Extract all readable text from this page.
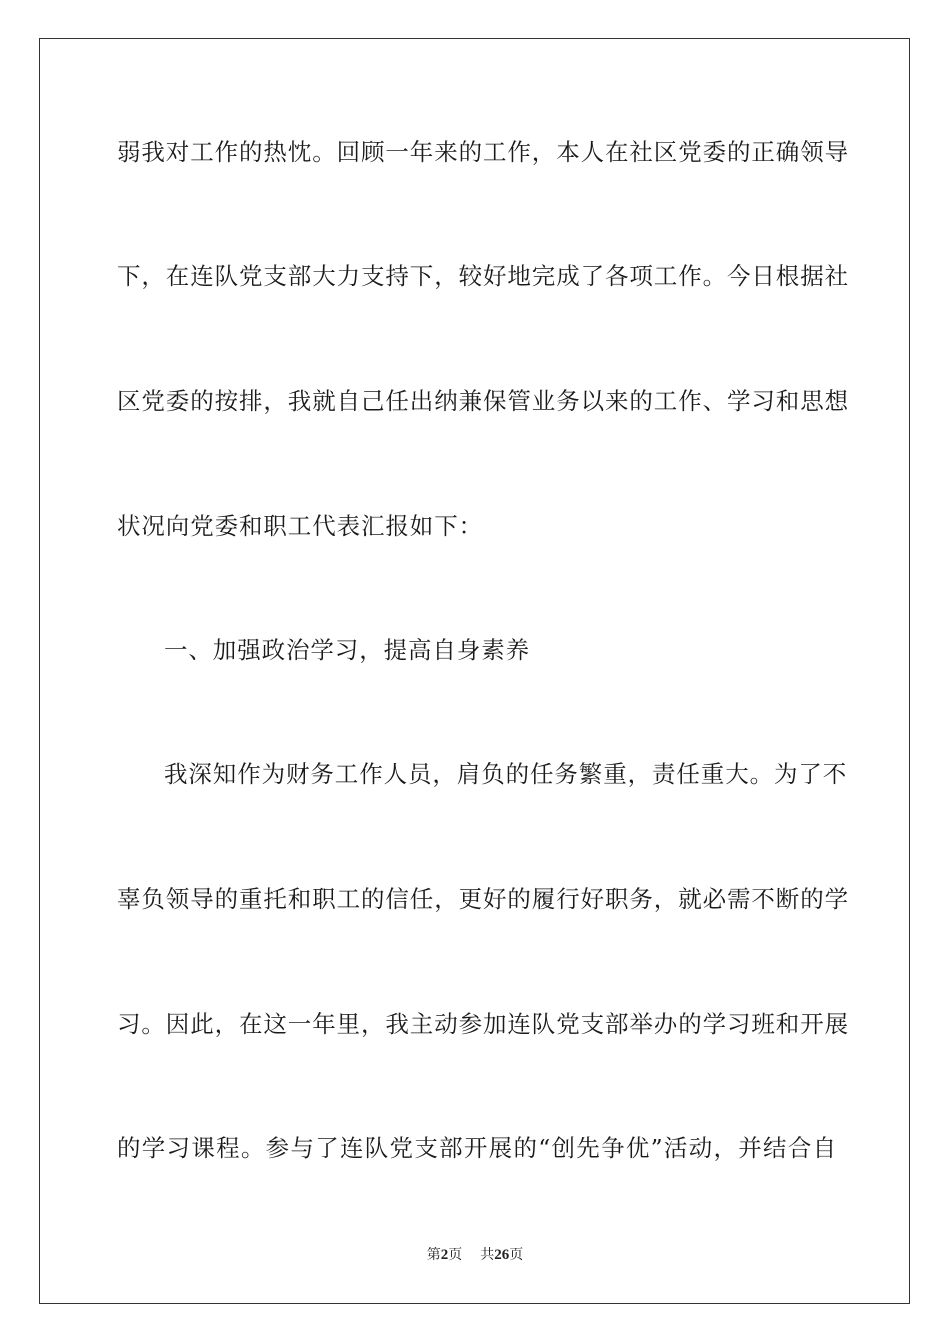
弱我对工作的热忱。回顾一年来的工作，本人在社区党委的正确领导
下，在连队党支部大力支持下，较好地完成了各项工作。今日根据社
区党委的按排，我就自己任出纳兼保管业务以来的工作、学习和思想
状况向党委和职工代表汇报如下：
一、加强政治学习，提高自身素养
我深知作为财务工作人员，肩负的任务繁重，责任重大。为了不
辜负领导的重托和职工的信任，更好的履行好职务，就必需不断的学
习。因此，在这一年里，我主动参加连队党支部举办的学习班和开展
的学习课程。参与了连队党支部开展的“创先争优”活动，并结合自
第2页 共26页
